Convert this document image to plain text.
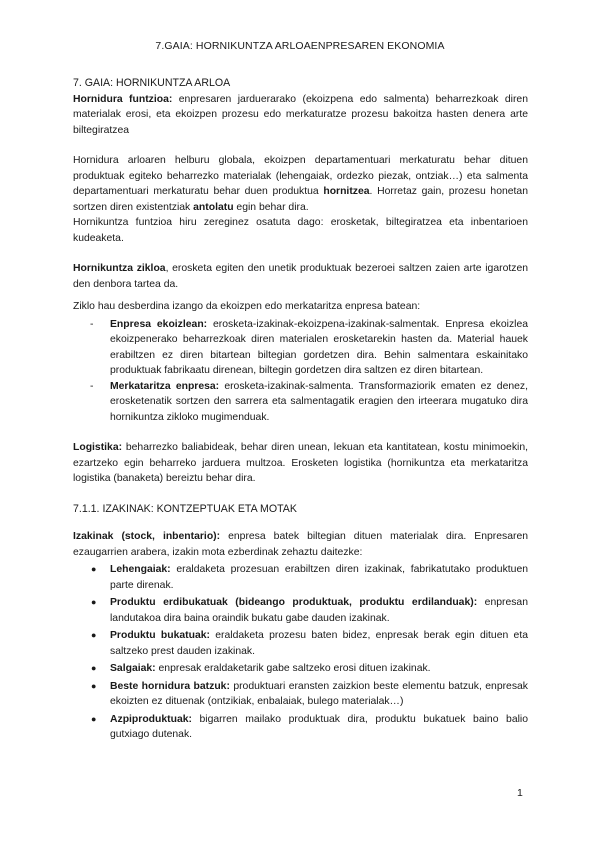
7.GAIA: HORNIKUNTZA ARLOAENPRESAREN EKONOMIA

7. GAIA: HORNIKUNTZA ARLOA

Hornidura funtzioa: enpresaren jarduerarako (ekoizpena edo salmenta) beharrezkoak diren materialak erosi, eta ekoizpen prozesu edo merkaturatze prozesu bakoitza hasten denera arte biltegiratzea

Hornidura arloaren helburu globala, ekoizpen departamentuari merkaturatu behar dituen produktuak egiteko beharrezko materialak (lehengaiak, ordezko piezak, ontziak…) eta salmenta departamentuari merkaturatu behar duen produktua hornitzea. Horretaz gain, prozesu honetan sortzen diren existentziak antolatu egin behar dira.

Hornikuntza funtzioa hiru zereginez osatuta dago: erosketak, biltegiratzea eta inbentarioen kudeaketa.

Hornikuntza zikloa, erosketa egiten den unetik produktuak bezeroei saltzen zaien arte igarotzen den denbora tartea da.

Ziklo hau desberdina izango da ekoizpen edo merkataritza enpresa batean:

- Enpresa ekoizlean: erosketa-izakinak-ekoizpena-izakinak-salmentak. Enpresa ekoizlea ekoizpenerako beharrezkoak diren materialen erosketarekin hasten da. Material hauek erabiltzen ez diren bitartean biltegian gordetzen dira. Behin salmentara eskainitako produktuak fabrikaatu direnean, biltegin gordetzen dira saltzen ez diren bitartean.
- Merkataritza enpresa: erosketa-izakinak-salmenta. Transformaziorik ematen ez denez, erosketenatik sortzen den sarrera eta salmentagatik eragien den irteerara mugatuko dira hornikuntza zikloko mugimenduak.

Logistika: beharrezko baliabideak, behar diren unean, lekuan eta kantitatean, kostu minimoekin, ezartzeko egin beharreko jarduera multzoa. Erosketen logistika (hornikuntza eta merkataritza logistika (banaketa) bereiztu behar dira.

7.1.1. IZAKINAK: KONTZEPTUAK ETA MOTAK

Izakinak (stock, inbentario): enpresa batek biltegian dituen materialak dira. Enpresaren ezaugarrien arabera, izakin mota ezberdinak zehaztu daitezke:

● Lehengaiak: eraldaketa prozesuan erabiltzen diren izakinak, fabrikatutako produktuen parte direnak.
● Produktu erdibukatuak (bideango produktuak, produktu erdilanduak): enpresan landutakoa dira baina oraindik bukatu gabe dauden izakinak.
● Produktu bukatuak: eraldaketa prozesu baten bidez, enpresak berak egin dituen eta saltzeko prest dauden izakinak.
● Salgaiak: enpresak eraldaketarik gabe saltzeko erosi dituen izakinak.
● Beste hornidura batzuk: produktuari eransten zaizkion beste elementu batzuk, enpresak ekoizten ez dituenak (ontzikiak, enbalaiak, bulego materialak…)
● Azpiproduktuak: bigarren mailako produktuak dira, produktu bukatuek baino balio gutxiago dutenak.
1
